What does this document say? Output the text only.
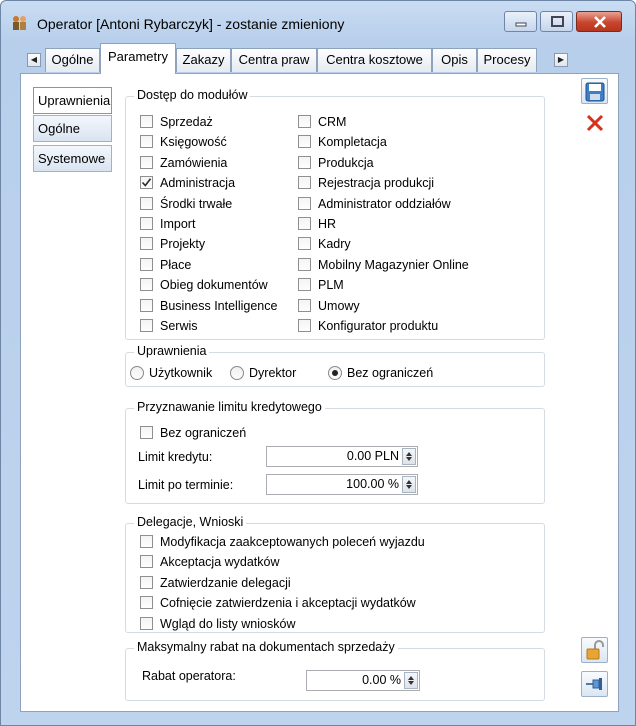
Operator [Antoni Rybarczyk] - zostanie zmieniony
◀	Ogólne	Parametry	Zakazy	Centra praw	Centra kosztowe	Opis	Procesy	▶
Uprawnienia
Ogólne
Systemowe
Dostęp do modułów
Sprzedaż
Księgowość
Zamówienia
Administracja
Środki trwałe
Import
Projekty
Płace
Obieg dokumentów
Business Intelligence
Serwis
CRM
Kompletacja
Produkcja
Rejestracja produkcji
Administrator oddziałów
HR
Kadry
Mobilny Magazynier Online
PLM
Umowy
Konfigurator produktu
Uprawnienia
Użytkownik	Dyrektor	Bez ograniczeń
Przyznawanie limitu kredytowego
Bez ograniczeń
Limit kredytu:	0.00 PLN
Limit po terminie:	100.00 %
Delegacje, Wnioski
Modyfikacja zaakceptowanych poleceń wyjazdu
Akceptacja wydatków
Zatwierdzanie delegacji
Cofnięcie zatwierdzenia i akceptacji wydatków
Wgląd do listy wniosków
Maksymalny rabat na dokumentach sprzedaży
Rabat operatora:	0.00 %
